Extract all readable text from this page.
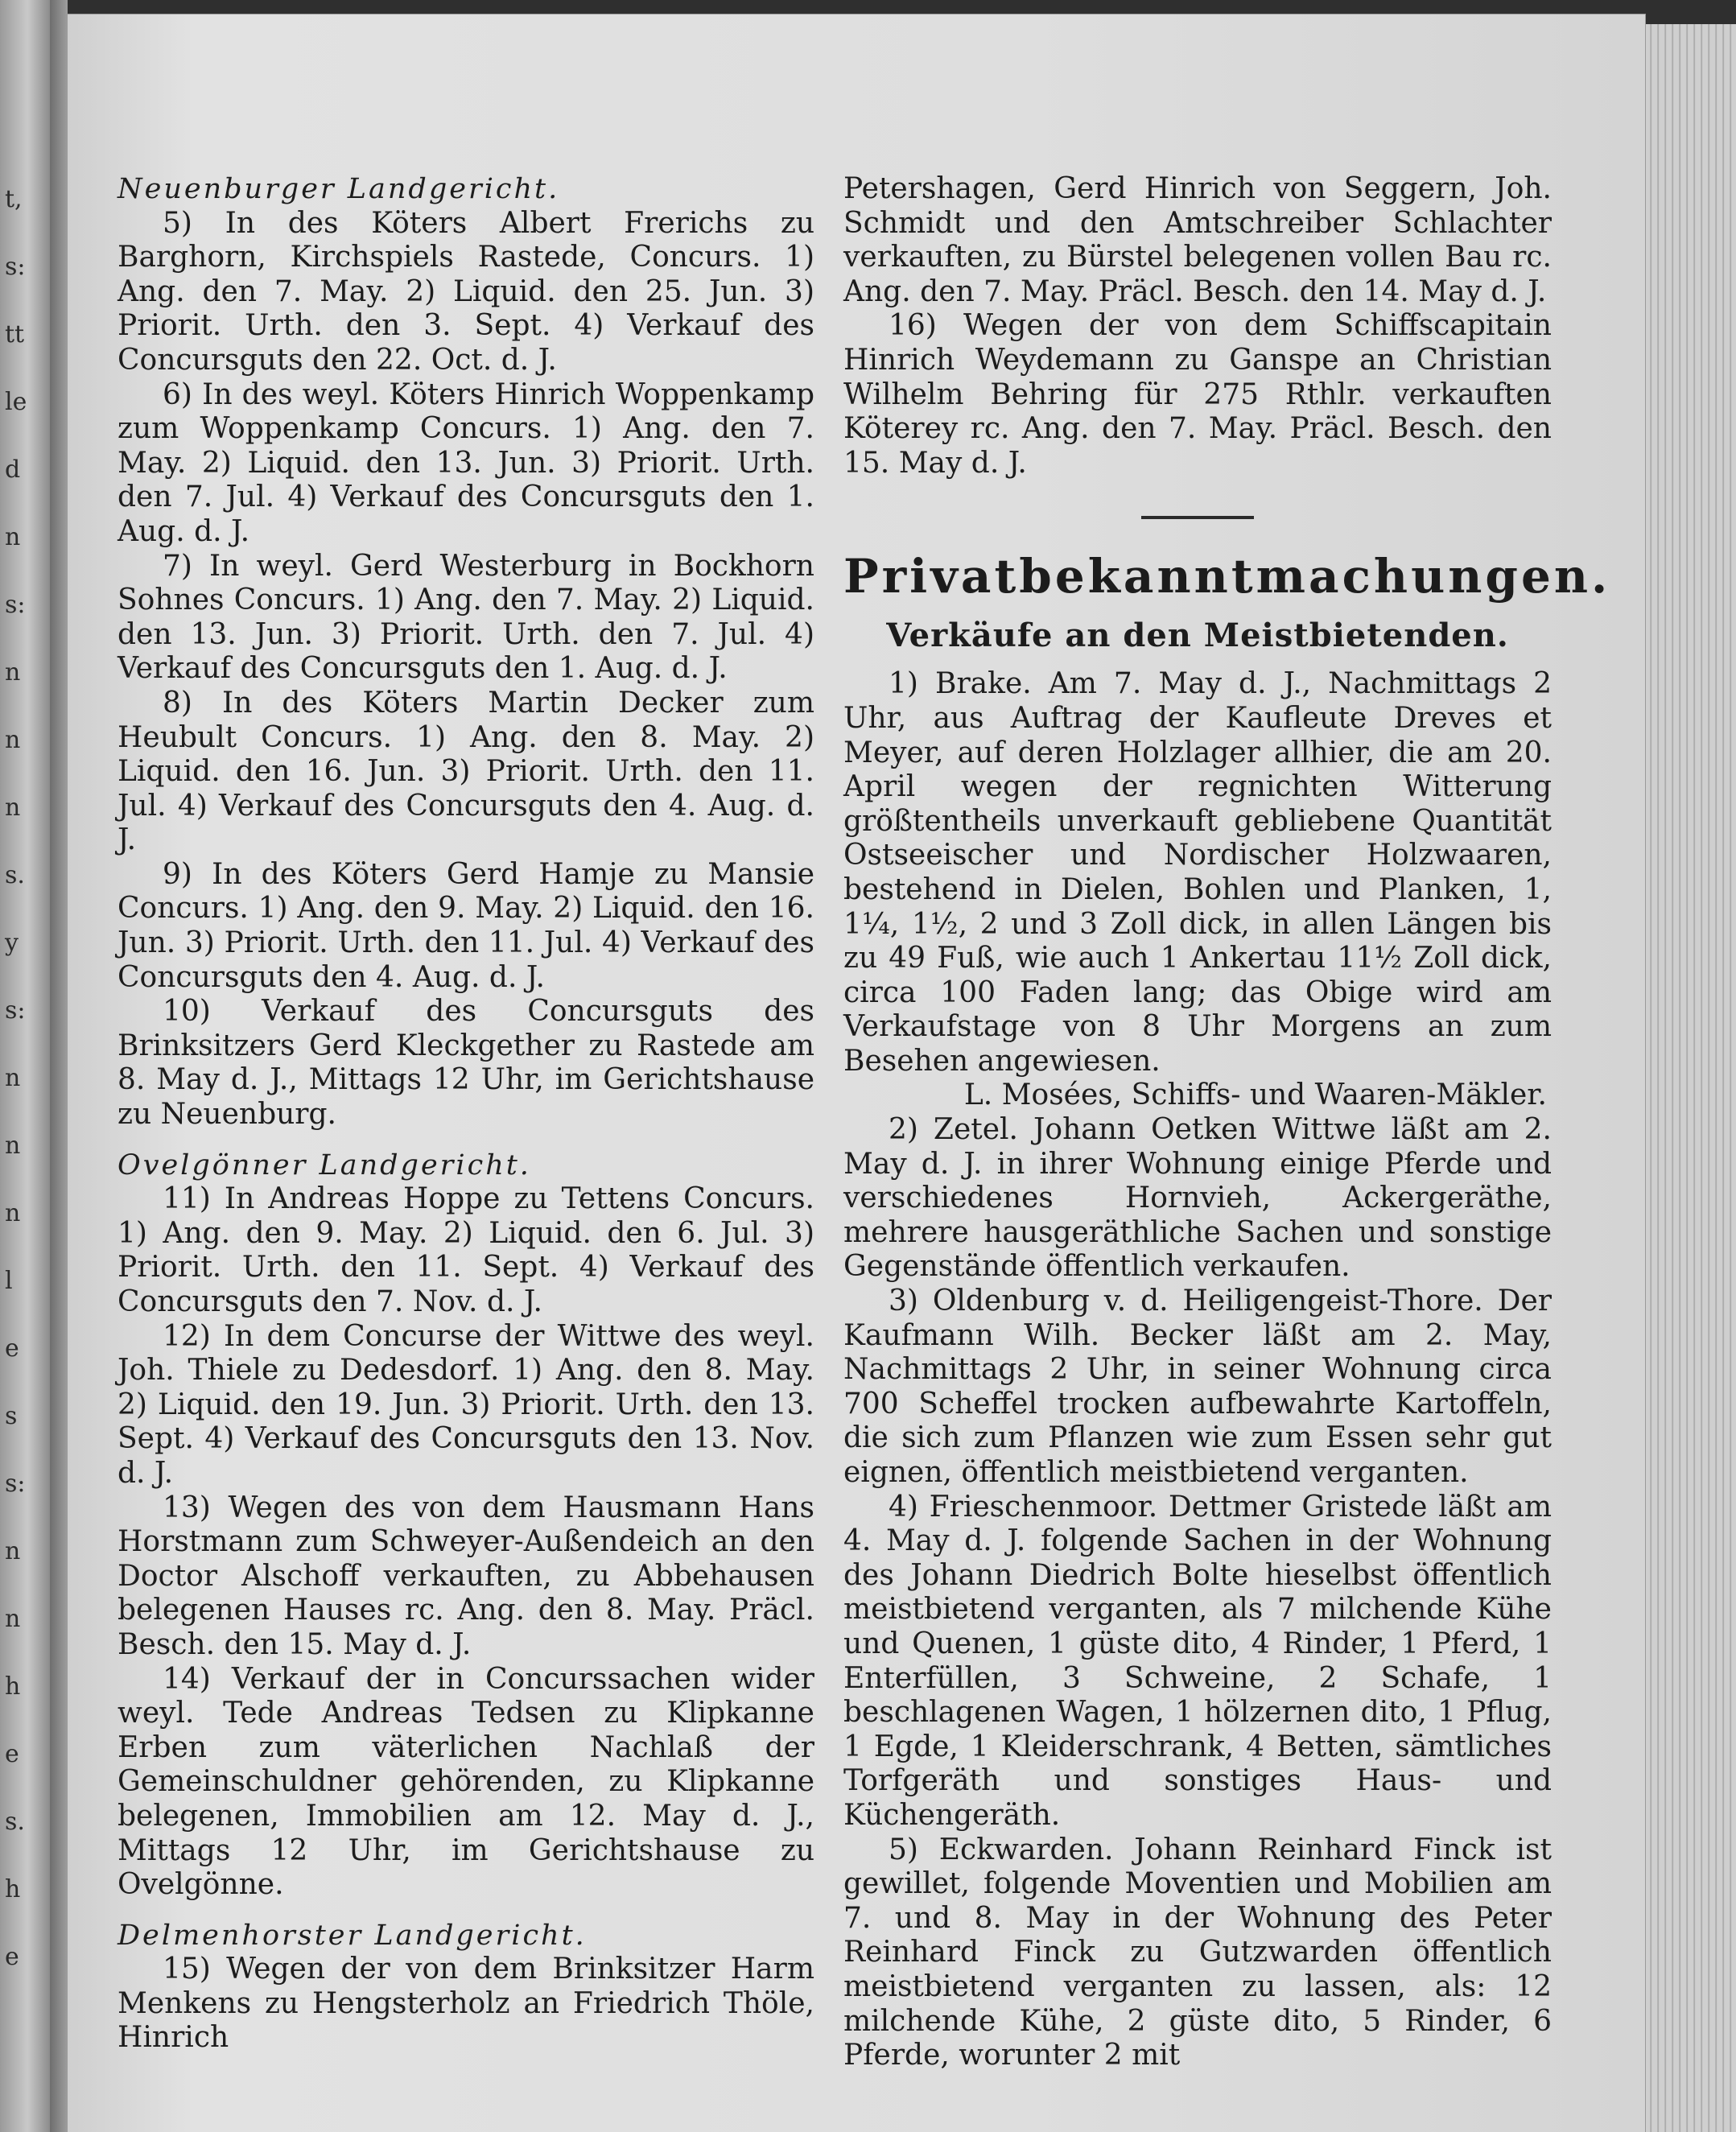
t,
s:
tt
le
d
n
s:
n
n
n
s.
y
s:
n
n
n
l
e
s
s:
n
n
h
e
s.
h
e

Neuenburger Landgericht.

5) In des Köters Albert Frerichs zu Barghorn, Kirchspiels Rastede, Concurs. 1) Ang. den 7. May. 2) Liquid. den 25. Jun. 3) Priorit. Urth. den 3. Sept. 4) Verkauf des Concursguts den 22. Oct. d. J.

6) In des weyl. Köters Hinrich Woppenkamp zum Woppenkamp Concurs. 1) Ang. den 7. May. 2) Liquid. den 13. Jun. 3) Priorit. Urth. den 7. Jul. 4) Verkauf des Concursguts den 1. Aug. d. J.

7) In weyl. Gerd Westerburg in Bockhorn Sohnes Concurs. 1) Ang. den 7. May. 2) Liquid. den 13. Jun. 3) Priorit. Urth. den 7. Jul. 4) Verkauf des Concursguts den 1. Aug. d. J.

8) In des Köters Martin Decker zum Heubult Concurs. 1) Ang. den 8. May. 2) Liquid. den 16. Jun. 3) Priorit. Urth. den 11. Jul. 4) Verkauf des Concursguts den 4. Aug. d. J.

9) In des Köters Gerd Hamje zu Mansie Concurs. 1) Ang. den 9. May. 2) Liquid. den 16. Jun. 3) Priorit. Urth. den 11. Jul. 4) Verkauf des Concursguts den 4. Aug. d. J.

10) Verkauf des Concursguts des Brinksitzers Gerd Kleckgether zu Rastede am 8. May d. J., Mittags 12 Uhr, im Gerichtshause zu Neuenburg.

Ovelgönner Landgericht.

11) In Andreas Hoppe zu Tettens Concurs. 1) Ang. den 9. May. 2) Liquid. den 6. Jul. 3) Priorit. Urth. den 11. Sept. 4) Verkauf des Concursguts den 7. Nov. d. J.

12) In dem Concurse der Wittwe des weyl. Joh. Thiele zu Dedesdorf. 1) Ang. den 8. May. 2) Liquid. den 19. Jun. 3) Priorit. Urth. den 13. Sept. 4) Verkauf des Concursguts den 13. Nov. d. J.

13) Wegen des von dem Hausmann Hans Horstmann zum Schweyer-Außendeich an den Doctor Alschoff verkauften, zu Abbehausen belegenen Hauses rc. Ang. den 8. May. Präcl. Besch. den 15. May d. J.

14) Verkauf der in Concurssachen wider weyl. Tede Andreas Tedsen zu Klipkanne Erben zum väterlichen Nachlaß der Gemeinschuldner gehörenden, zu Klipkanne belegenen, Immobilien am 12. May d. J., Mittags 12 Uhr, im Gerichtshause zu Ovelgönne.

Delmenhorster Landgericht.

15) Wegen der von dem Brinksitzer Harm Menkens zu Hengsterholz an Friedrich Thöle, Hinrich

Petershagen, Gerd Hinrich von Seggern, Joh. Schmidt und den Amtschreiber Schlachter verkauften, zu Bürstel belegenen vollen Bau rc. Ang. den 7. May. Präcl. Besch. den 14. May d. J.

16) Wegen der von dem Schiffscapitain Hinrich Weydemann zu Ganspe an Christian Wilhelm Behring für 275 Rthlr. verkauften Köterey rc. Ang. den 7. May. Präcl. Besch. den 15. May d. J.

Privatbekanntmachungen.

Verkäufe an den Meistbietenden.

1) Brake. Am 7. May d. J., Nachmittags 2 Uhr, aus Auftrag der Kaufleute Dreves et Meyer, auf deren Holzlager allhier, die am 20. April wegen der regnichten Witterung größtentheils unverkauft gebliebene Quantität Ostseeischer und Nordischer Holzwaaren, bestehend in Dielen, Bohlen und Planken, 1, 1¼, 1½, 2 und 3 Zoll dick, in allen Längen bis zu 49 Fuß, wie auch 1 Ankertau 11½ Zoll dick, circa 100 Faden lang; das Obige wird am Verkaufstage von 8 Uhr Morgens an zum Besehen angewiesen.

L. Mosées, Schiffs- und Waaren-Mäkler.

2) Zetel. Johann Oetken Wittwe läßt am 2. May d. J. in ihrer Wohnung einige Pferde und verschiedenes Hornvieh, Ackergeräthe, mehrere hausgeräthliche Sachen und sonstige Gegenstände öffentlich verkaufen.

3) Oldenburg v. d. Heiligengeist-Thore. Der Kaufmann Wilh. Becker läßt am 2. May, Nachmittags 2 Uhr, in seiner Wohnung circa 700 Scheffel trocken aufbewahrte Kartoffeln, die sich zum Pflanzen wie zum Essen sehr gut eignen, öffentlich meistbietend verganten.

4) Frieschenmoor. Dettmer Gristede läßt am 4. May d. J. folgende Sachen in der Wohnung des Johann Diedrich Bolte hieselbst öffentlich meistbietend verganten, als 7 milchende Kühe und Quenen, 1 güste dito, 4 Rinder, 1 Pferd, 1 Enterfüllen, 3 Schweine, 2 Schafe, 1 beschlagenen Wagen, 1 hölzernen dito, 1 Pflug, 1 Egde, 1 Kleiderschrank, 4 Betten, sämtliches Torfgeräth und sonstiges Haus- und Küchengeräth.

5) Eckwarden. Johann Reinhard Finck ist gewillet, folgende Moventien und Mobilien am 7. und 8. May in der Wohnung des Peter Reinhard Finck zu Gutzwarden öffentlich meistbietend verganten zu lassen, als: 12 milchende Kühe, 2 güste dito, 5 Rinder, 6 Pferde, worunter 2 mit
